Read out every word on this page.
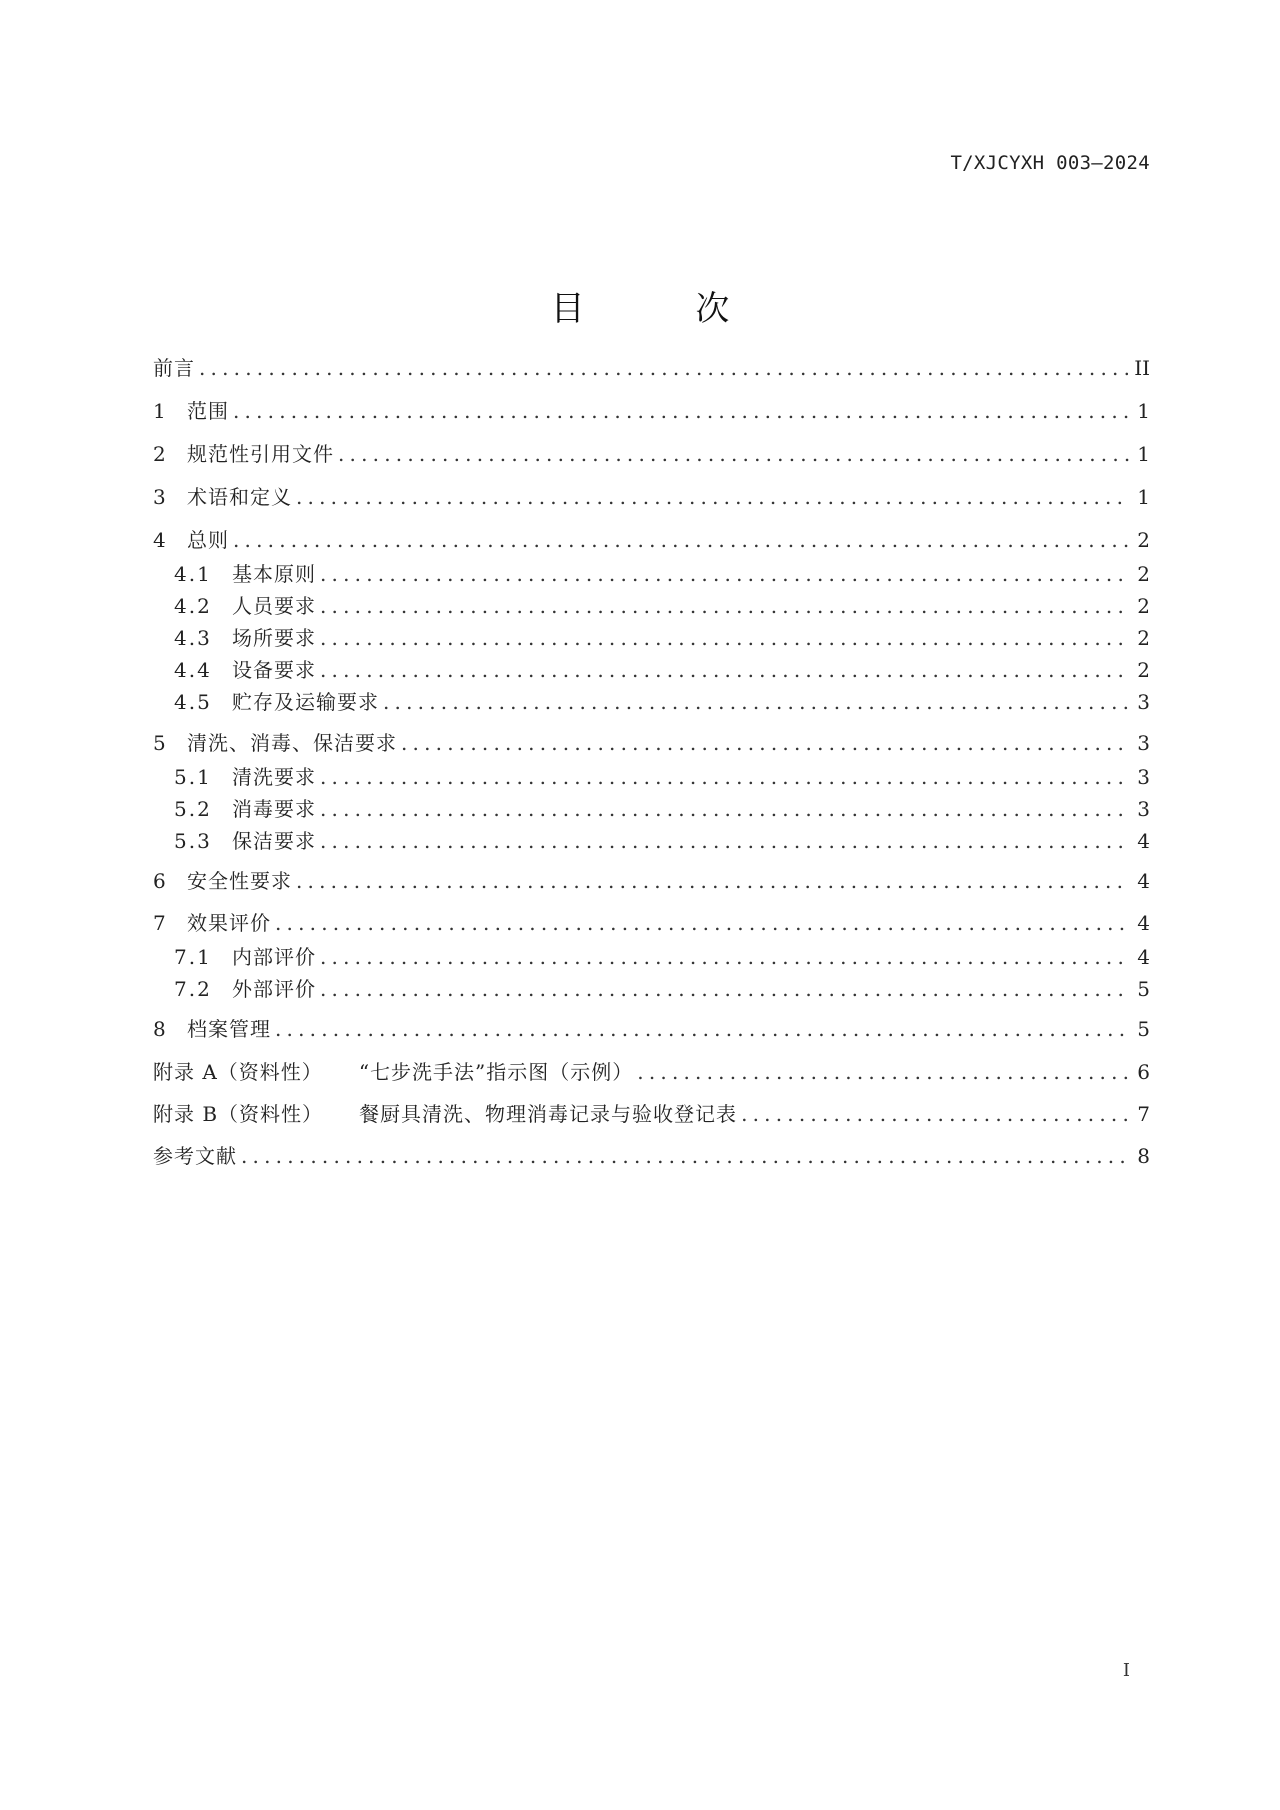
T/XJCYXH 003—2024
目 次
前言 .....	II
1	范围 .....	1
2	规范性引用文件 .....	1
3	术语和定义 .....	1
4	总则 .....	2
4.1	基本原则 .....	2
4.2	人员要求 .....	2
4.3	场所要求 .....	2
4.4	设备要求 .....	2
4.5	贮存及运输要求 .....	3
5	清洗、消毒、保洁要求 .....	3
5.1	清洗要求 .....	3
5.2	消毒要求 .....	3
5.3	保洁要求 .....	4
6	安全性要求 .....	4
7	效果评价 .....	4
7.1	内部评价 .....	4
7.2	外部评价 .....	5
8	档案管理 .....	5
附录 A（资料性） “七步洗手法”指示图（示例） .....	6
附录 B（资料性） 餐厨具清洗、物理消毒记录与验收登记表 .....	7
参考文献 .....	8
I
